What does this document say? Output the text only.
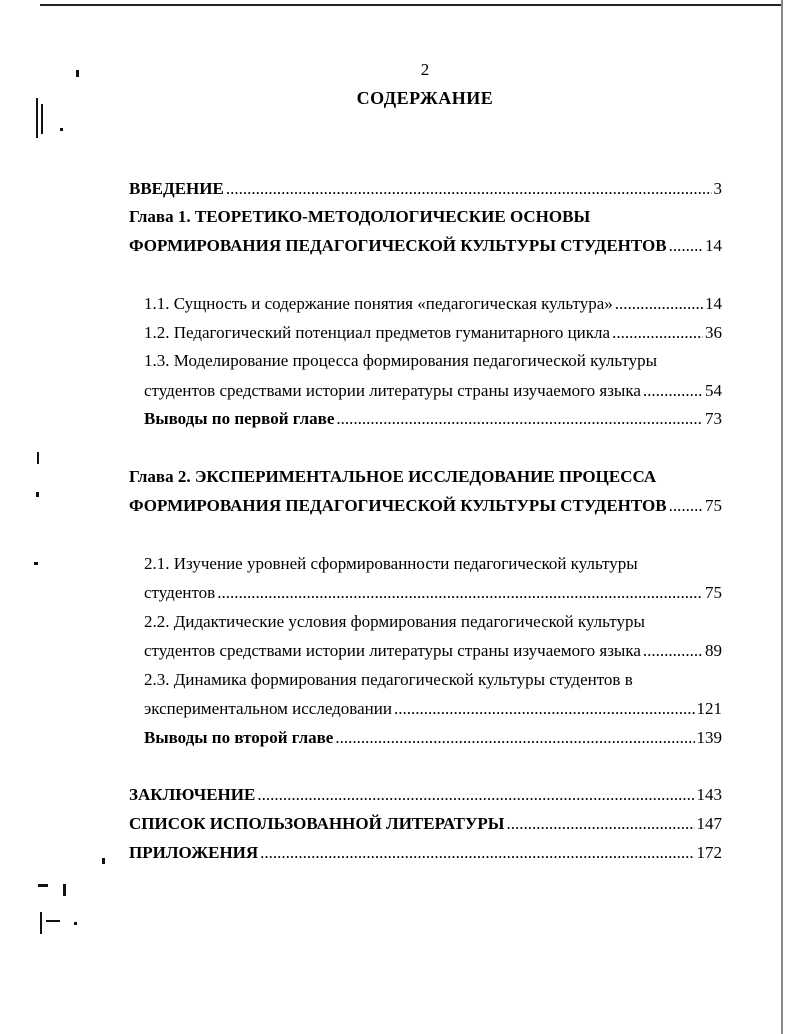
2
СОДЕРЖАНИЕ
ВВЕДЕНИЕ .....	3
Глава 1. ТЕОРЕТИКО-МЕТОДОЛОГИЧЕСКИЕ ОСНОВЫ
ФОРМИРОВАНИЯ ПЕДАГОГИЧЕСКОЙ КУЛЬТУРЫ СТУДЕНТОВ ..... 14
1.1. Сущность и содержание понятия «педагогическая культура» .....	14
1.2. Педагогический потенциал предметов гуманитарного цикла .....	36
1.3. Моделирование процесса формирования педагогической культуры
студентов средствами истории литературы страны изучаемого языка .....	54
Выводы по первой главе .....	73
Глава 2. ЭКСПЕРИМЕНТАЛЬНОЕ ИССЛЕДОВАНИЕ ПРОЦЕССА
ФОРМИРОВАНИЯ ПЕДАГОГИЧЕСКОЙ КУЛЬТУРЫ СТУДЕНТОВ ..... 75
2.1. Изучение уровней сформированности педагогической культуры
студентов .....	75
2.2. Дидактические условия формирования педагогической культуры
студентов средствами истории литературы страны изучаемого языка .....	89
2.3. Динамика формирования педагогической культуры студентов в
экспериментальном исследовании .....	121
Выводы по второй главе .....	139
ЗАКЛЮЧЕНИЕ .....	143
СПИСОК ИСПОЛЬЗОВАННОЙ ЛИТЕРАТУРЫ .....	147
ПРИЛОЖЕНИЯ .....	172
